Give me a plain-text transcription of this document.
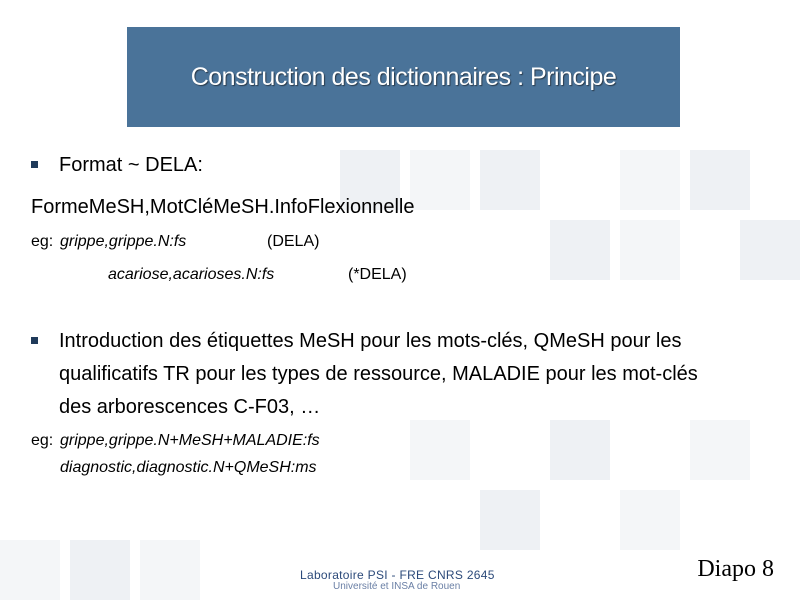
Construction des dictionnaires : Principe
Format ~ DELA:
FormeMeSH,MotCléMeSH.InfoFlexionnelle
eg: grippe,grippe.N:fs	(DELA)
acariose,acarioses.N:fs	(*DELA)
Introduction des étiquettes MeSH pour les mots-clés, QMeSH pour les
qualificatifs TR pour les types de ressource, MALADIE pour les mot-clés
des arborescences C-F03, …
eg: grippe,grippe.N+MeSH+MALADIE:fs
diagnostic,diagnostic.N+QMeSH:ms
Laboratoire PSI - FRE CNRS 2645
Université et INSA de Rouen
Diapo 8
